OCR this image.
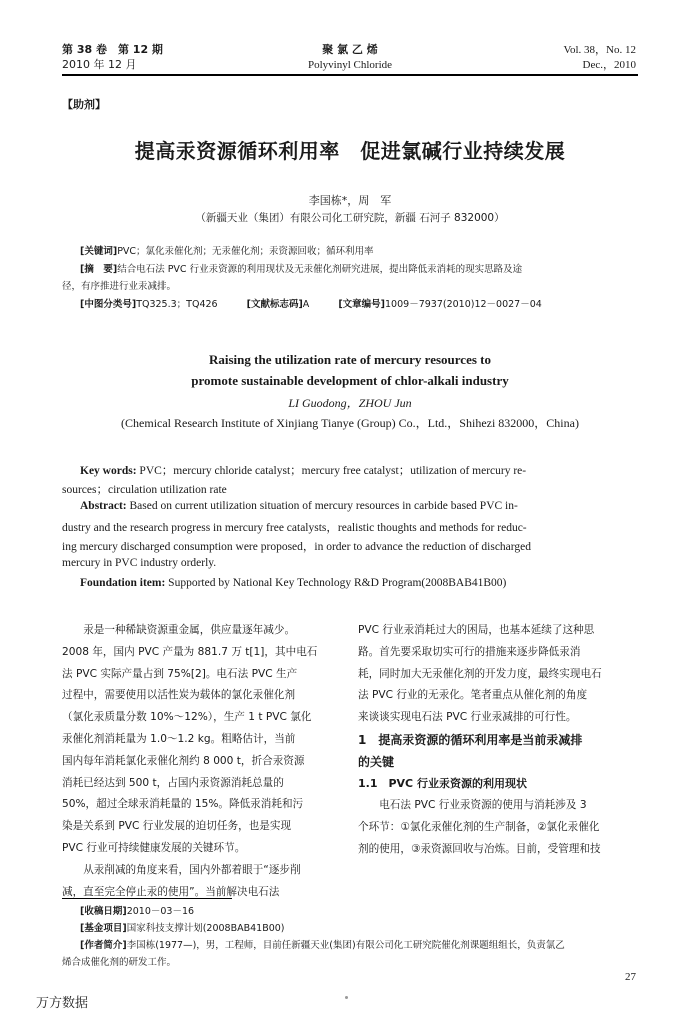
第 38 卷　第 12 期
2010 年 12 月
聚 氯 乙 烯
Polyvinyl Chloride
Vol. 38，No. 12
Dec.，2010
【助剂】
提高汞资源循环利用率　促进氯碱行业持续发展
李国栋*，周　军
（新疆天业（集团）有限公司化工研究院，新疆 石河子 832000）
[关键词]PVC；氯化汞催化剂；无汞催化剂；汞资源回收；循环利用率
[摘　要]结合电石法 PVC 行业汞资源的利用现状及无汞催化剂研究进展，提出降低汞消耗的现实思路及途
径，有序推进行业汞减排。
[中图分类号]TQ325.3；TQ426	[文献标志码]A	[文章编号]1009－7937(2010)12－0027－04
Raising the utilization rate of mercury resources to
promote sustainable development of chlor-alkali industry
LI Guodong，ZHOU Jun
(Chemical Research Institute of Xinjiang Tianye (Group) Co.，Ltd.，Shihezi 832000，China)
Key words: PVC；mercury chloride catalyst；mercury free catalyst；utilization of mercury re-
sources；circulation utilization rate
Abstract: Based on current utilization situation of mercury resources in carbide based PVC in-
dustry and the research progress in mercury free catalysts，realistic thoughts and methods for reduc-
ing mercury discharged consumption were proposed，in order to advance the reduction of discharged
mercury in PVC industry orderly.
Foundation item: Supported by National Key Technology R&D Program(2008BAB41B00)
汞是一种稀缺资源重金属，供应量逐年减少。
2008 年，国内 PVC 产量为 881.7 万 t[1]，其中电石
法 PVC 实际产量占到 75%[2]。电石法 PVC 生产
过程中，需要使用以活性炭为载体的氯化汞催化剂
（氯化汞质量分数 10%～12%），生产 1 t PVC 氯化
汞催化剂消耗量为 1.0～1.2 kg。粗略估计，当前
国内每年消耗氯化汞催化剂约 8 000 t，折合汞资源
消耗已经达到 500 t，占国内汞资源消耗总量的
50%，超过全球汞消耗量的 15%。降低汞消耗和污
染是关系到 PVC 行业发展的迫切任务，也是实现
PVC 行业可持续健康发展的关键环节。
从汞削减的角度来看，国内外都着眼于“逐步削
减，直至完全停止汞的使用”。当前解决电石法
PVC 行业汞消耗过大的困局，也基本延续了这种思
路。首先要采取切实可行的措施来逐步降低汞消
耗，同时加大无汞催化剂的开发力度，最终实现电石
法 PVC 行业的无汞化。笔者重点从催化剂的角度
来谈谈实现电石法 PVC 行业汞减排的可行性。
1　提高汞资源的循环利用率是当前汞减排
的关键
1.1　PVC 行业汞资源的利用现状
电石法 PVC 行业汞资源的使用与消耗涉及 3
个环节：①氯化汞催化剂的生产制备，②氯化汞催化
剂的使用，③汞资源回收与冶炼。目前，受管理和技
[收稿日期]2010－03－16
[基金项目]国家科技支撑计划(2008BAB41B00)
[作者简介]李国栋(1977—)，男，工程师，目前任新疆天业(集团)有限公司化工研究院催化剂课题组组长，负责氯乙
烯合成催化剂的研发工作。
27
万方数据
